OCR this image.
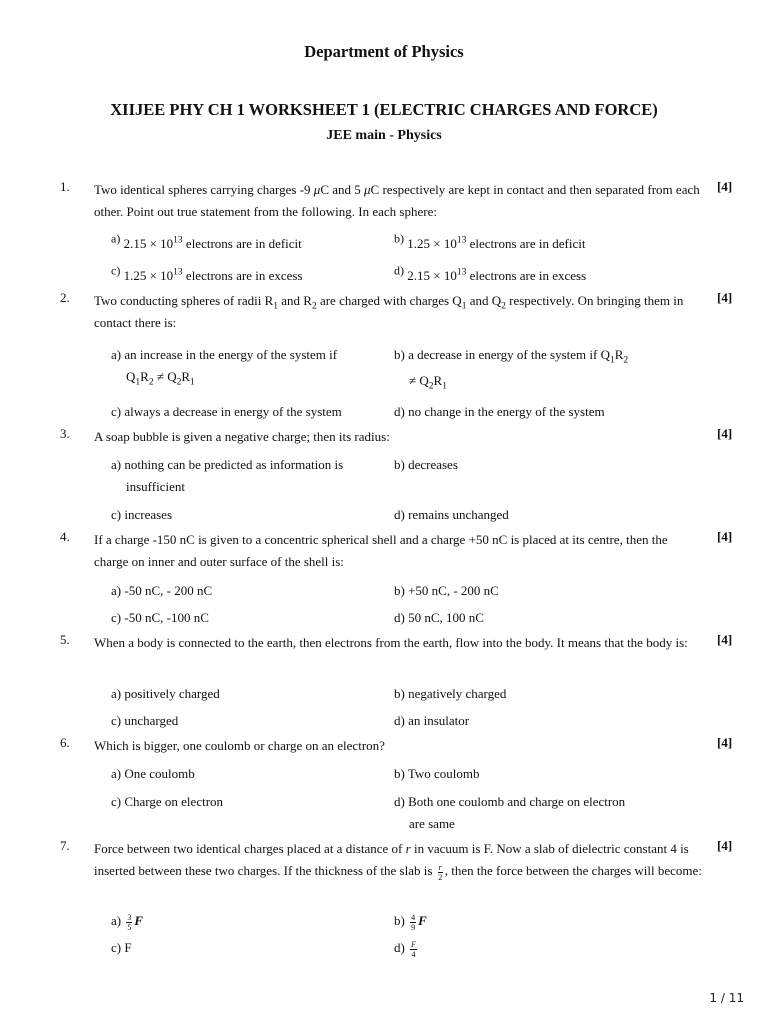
Department of Physics
XIIJEE PHY CH 1 WORKSHEET 1 (ELECTRIC CHARGES AND FORCE)
JEE main - Physics
1.	Two identical spheres carrying charges -9 μC and 5 μC respectively are kept in contact and then separated from each other. Point out true statement from the following. In each sphere:
[4]
$^{a)}$ $2.15 \times 10^{13}$ electrons are in deficit	$^{b)}$ $1.25 \times 10^{13}$ electrons are in deficit
$^{c)}$ $1.25 \times 10^{13}$ electrons are in excess	$^{d)}$ $2.15 \times 10^{13}$ electrons are in excess
2.	Two conducting spheres of radii $R_1$ and $R_2$ are charged with charges $Q_1$ and $Q_2$ respectively. On bringing them in contact there is:
[4]
a) an increase in the energy of the system if
$Q_1R_2 \ne Q_2R_1$
b) a decrease in energy of the system if $Q_1R_2$
≠ $Q_2R_1$
c) always a decrease in energy of the system	d) no change in the energy of the system
3.	A soap bubble is given a negative charge; then its radius:	[4]
a) nothing can be predicted as information is
insufficient
b) decreases
c) increases	d) remains unchanged
4.	If a charge -150 nC is given to a concentric spherical shell and a charge +50 nC is placed at its centre, then the charge on inner and outer surface of the shell is:
[4]
a) -50 nC, - 200 nC	b) +50 nC, - 200 nC
c) -50 nC, -100 nC	d) 50 nC, 100 nC
5.	When a body is connected to the earth, then electrons from the earth, flow into the body. It means that the body is:	[4]
a) positively charged	b) negatively charged
c) uncharged	d) an insulator
6.	Which is bigger, one coulomb or charge on an electron?	[4]
a) One coulomb	b) Two coulomb
c) Charge on electron	d) Both one coulomb and charge on electron
are same
7.	Force between two identical charges placed at a distance of r in vacuum is F. Now a slab of dielectric constant 4 is inserted between these two charges. If the thickness of the slab is $\frac{r}{2}$ , then the force between the charges will become:
[4]
$a) \frac{3}{5}$ F	$b) \frac{4}{9}$ F
c) F	$d) \frac{F}{4}$
1 / 11
